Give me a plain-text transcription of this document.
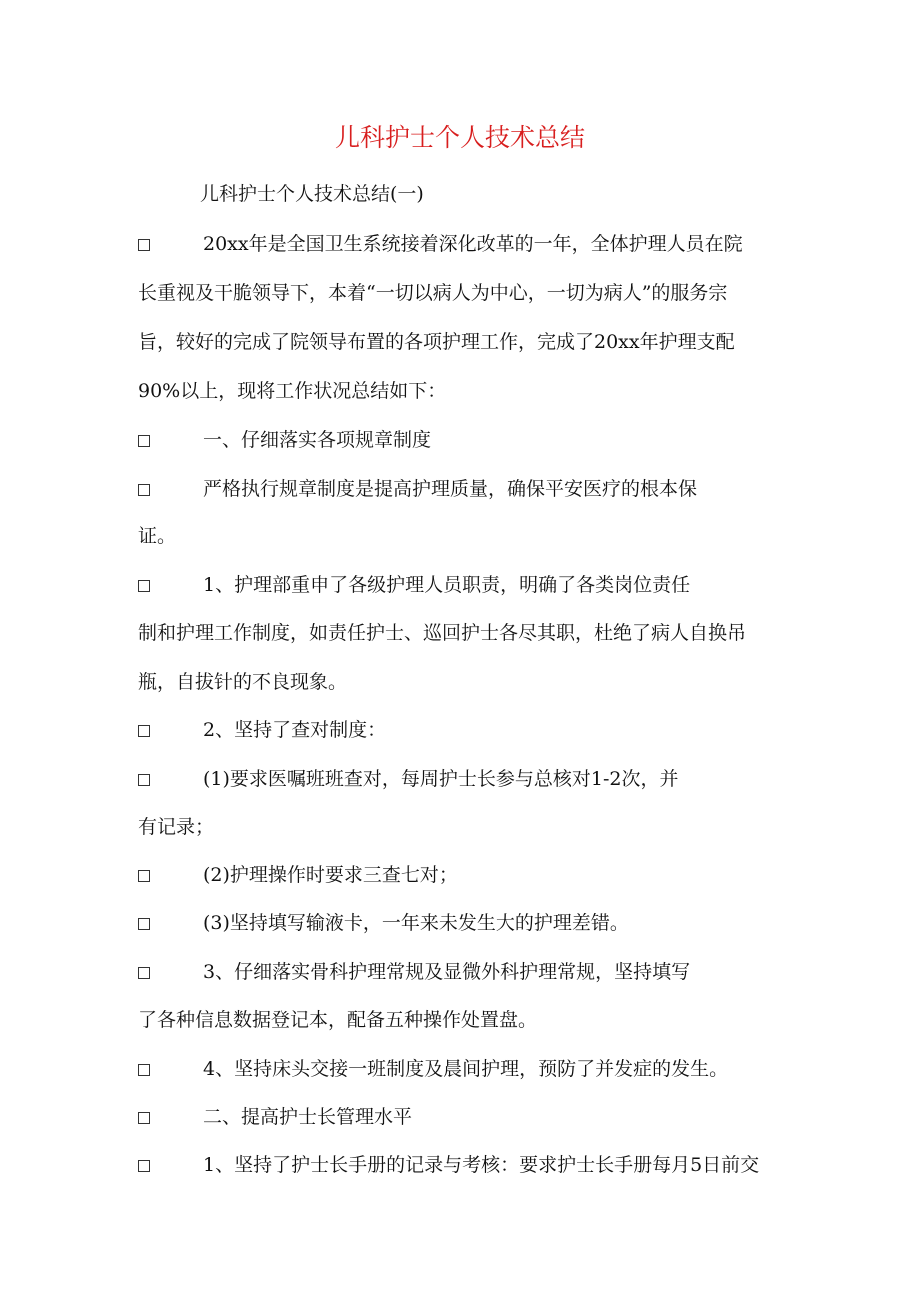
儿科护士个人技术总结
儿科护士个人技术总结(一)
20xx年是全国卫生系统接着深化改革的一年，全体护理人员在院
长重视及干脆领导下，本着“一切以病人为中心，一切为病人”的服务宗
旨，较好的完成了院领导布置的各项护理工作，完成了20xx年护理支配
90%以上，现将工作状况总结如下：
一、仔细落实各项规章制度
严格执行规章制度是提高护理质量，确保平安医疗的根本保
证。
1、护理部重申了各级护理人员职责，明确了各类岗位责任
制和护理工作制度，如责任护士、巡回护士各尽其职，杜绝了病人自换吊
瓶，自拔针的不良现象。
2、坚持了查对制度：
(1)要求医嘱班班查对，每周护士长参与总核对1-2次，并
有记录；
(2)护理操作时要求三查七对；
(3)坚持填写输液卡，一年来未发生大的护理差错。
3、仔细落实骨科护理常规及显微外科护理常规，坚持填写
了各种信息数据登记本，配备五种操作处置盘。
4、坚持床头交接一班制度及晨间护理，预防了并发症的发生。
二、提高护士长管理水平
1、坚持了护士长手册的记录与考核：要求护士长手册每月5日前交
